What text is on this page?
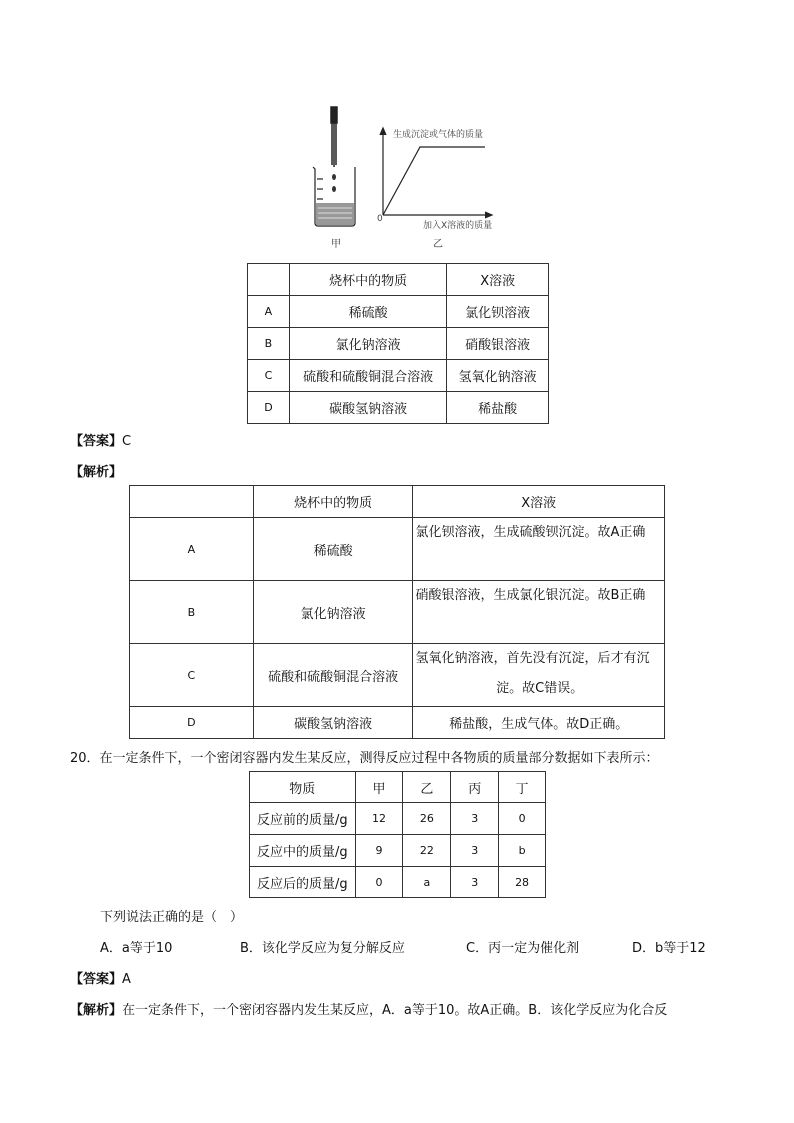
甲
生成沉淀或气体的质量
加入X溶液的质量
0
乙
	烧杯中的物质	X溶液
A	稀硫酸	氯化钡溶液
B	氯化钠溶液	硝酸银溶液
C	硫酸和硫酸铜混合溶液	氢氧化钠溶液
D	碳酸氢钠溶液	稀盐酸
【答案】C
【解析】
	烧杯中的物质	X溶液
A	稀硫酸	氯化钡溶液，生成硫酸钡沉淀。故A正确
B	氯化钠溶液	硝酸银溶液，生成氯化银沉淀。故B正确
C	硫酸和硫酸铜混合溶液	氢氧化钠溶液，首先没有沉淀，后才有沉
淀。故C错误。

D	碳酸氢钠溶液	稀盐酸，生成气体。故D正确。
20．在一定条件下，一个密闭容器内发生某反应，测得反应过程中各物质的质量部分数据如下表所示：
物质	甲	乙	丙	丁
反应前的质量/g	12	26	3	0
反应中的质量/g	9	22	3	b
反应后的质量/g	0	a	3	28
下列说法正确的是（　）
A．a等于10	B．该化学反应为复分解反应	C．丙一定为催化剂	D．b等于12
【答案】A
【解析】在一定条件下，一个密闭容器内发生某反应，A．a等于10。故A正确。B．该化学反应为化合反
